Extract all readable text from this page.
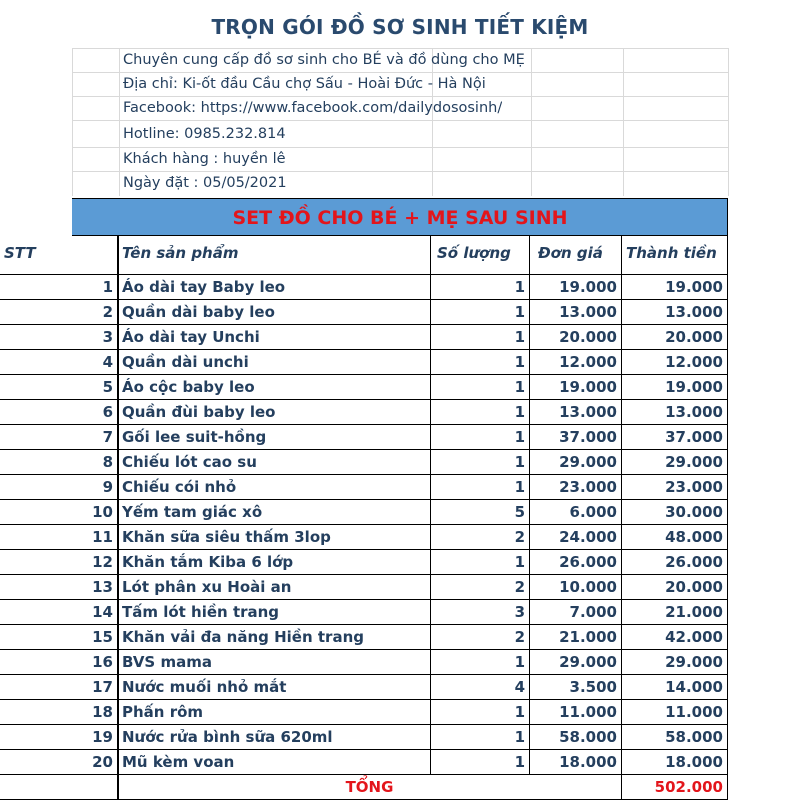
TRỌN GÓI ĐỒ SƠ SINH TIẾT KIỆM
Chuyên cung cấp đồ sơ sinh cho BÉ và đồ dùng cho MẸ
Địa chỉ: Ki-ốt đầu Cầu chợ Sấu - Hoài Đức - Hà Nội
Facebook: https://www.facebook.com/dailydososinh/
Hotline: 0985.232.814
Khách hàng : huyền lê
Ngày đặt : 05/05/2021
SET ĐỒ CHO BÉ + MẸ SAU SINH
STT	Tên sản phẩm	Số lượng	Đơn giá	Thành tiền
1 Áo dài tay Baby leo	1	19.000	19.000
2 Quần dài baby leo	1	13.000	13.000
3 Áo dài tay Unchi	1	20.000	20.000
4 Quần dài unchi	1	12.000	12.000
5 Áo cộc baby leo	1	19.000	19.000
6 Quần đùi baby leo	1	13.000	13.000
7 Gối lee suit-hồng	1	37.000	37.000
8 Chiếu lót cao su	1	29.000	29.000
9 Chiếu cói nhỏ	1	23.000	23.000
10 Yếm tam giác xô	5	6.000	30.000
11 Khăn sữa siêu thấm 3lop	2	24.000	48.000
12 Khăn tắm Kiba 6 lớp	1	26.000	26.000
13 Lót phân xu Hoài an	2	10.000	20.000
14 Tấm lót hiền trang	3	7.000	21.000
15 Khăn vải đa năng Hiền trang	2	21.000	42.000
16 BVS mama	1	29.000	29.000
17 Nước muối nhỏ mắt	4	3.500	14.000
18 Phấn rôm	1	11.000	11.000
19 Nước rửa bình sữa 620ml	1	58.000	58.000
20 Mũ kèm voan	1	18.000	18.000
TỔNG	502.000
